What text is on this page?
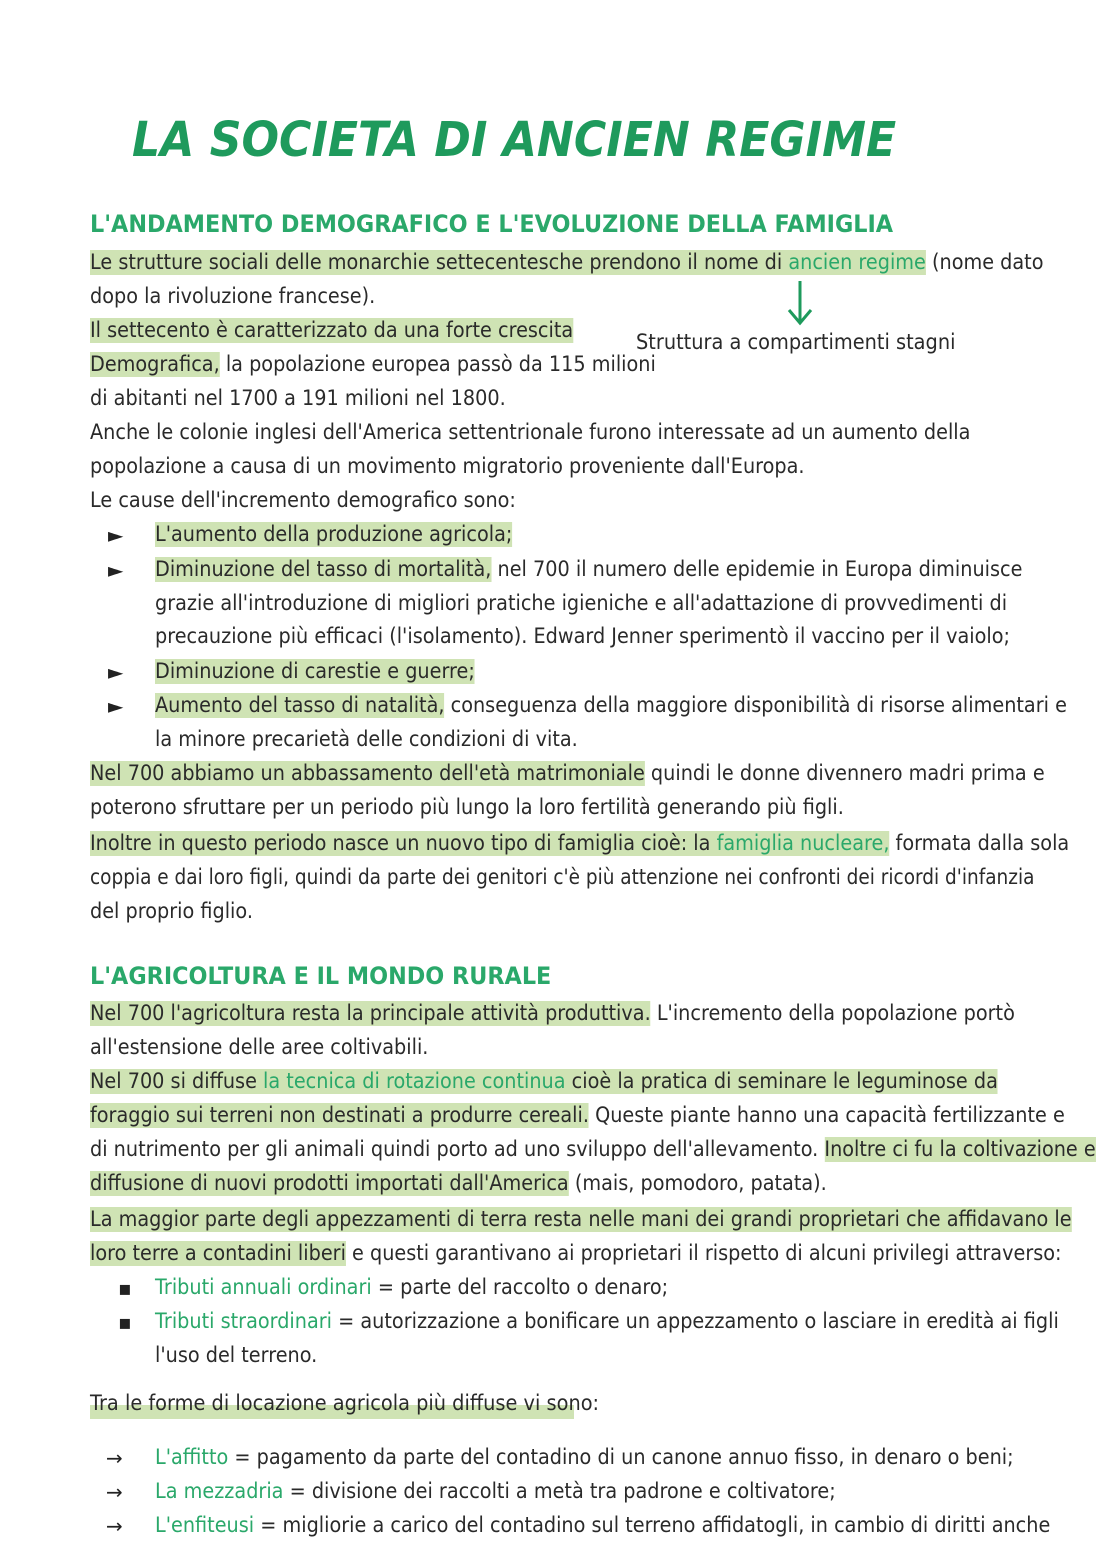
LA SOCIETA DI ANCIEN REGIME
L'ANDAMENTO DEMOGRAFICO E L'EVOLUZIONE DELLA FAMIGLIA
Le strutture sociali delle monarchie settecentesche prendono il nome di ancien regime (nome dato
dopo la rivoluzione francese).
Struttura a compartimenti stagni
Il settecento è caratterizzato da una forte crescita
Demografica, la popolazione europea passò da 115 milioni
di abitanti nel 1700 a 191 milioni nel 1800.
Anche le colonie inglesi dell'America settentrionale furono interessate ad un aumento della
popolazione a causa di un movimento migratorio proveniente dall'Europa.
Le cause dell'incremento demografico sono:
► L'aumento della produzione agricola;
► Diminuzione del tasso di mortalità, nel 700 il numero delle epidemie in Europa diminuisce
grazie all'introduzione di migliori pratiche igieniche e all'adattazione di provvedimenti di
precauzione più efficaci (l'isolamento). Edward Jenner sperimentò il vaccino per il vaiolo;
► Diminuzione di carestie e guerre;
► Aumento del tasso di natalità, conseguenza della maggiore disponibilità di risorse alimentari e
la minore precarietà delle condizioni di vita.
Nel 700 abbiamo un abbassamento dell'età matrimoniale quindi le donne divennero madri prima e
poterono sfruttare per un periodo più lungo la loro fertilità generando più figli.
Inoltre in questo periodo nasce un nuovo tipo di famiglia cioè: la famiglia nucleare, formata dalla sola
coppia e dai loro figli, quindi da parte dei genitori c'è più attenzione nei confronti dei ricordi d'infanzia
del proprio figlio.
L'AGRICOLTURA E IL MONDO RURALE
Nel 700 l'agricoltura resta la principale attività produttiva. L'incremento della popolazione portò
all'estensione delle aree coltivabili.
Nel 700 si diffuse la tecnica di rotazione continua cioè la pratica di seminare le leguminose da
foraggio sui terreni non destinati a produrre cereali. Queste piante hanno una capacità fertilizzante e
di nutrimento per gli animali quindi porto ad uno sviluppo dell'allevamento. Inoltre ci fu la coltivazione e
diffusione di nuovi prodotti importati dall'America (mais, pomodoro, patata).
La maggior parte degli appezzamenti di terra resta nelle mani dei grandi proprietari che affidavano le
loro terre a contadini liberi e questi garantivano ai proprietari il rispetto di alcuni privilegi attraverso:
▪ Tributi annuali ordinari = parte del raccolto o denaro;
▪ Tributi straordinari = autorizzazione a bonificare un appezzamento o lasciare in eredità ai figli
l'uso del terreno.
Tra le forme di locazione agricola più diffuse vi sono:
→ L'affitto = pagamento da parte del contadino di un canone annuo fisso, in denaro o beni;
→ La mezzadria = divisione dei raccolti a metà tra padrone e coltivatore;
→ L'enfiteusi = migliorie a carico del contadino sul terreno affidatogli, in cambio di diritti anche
